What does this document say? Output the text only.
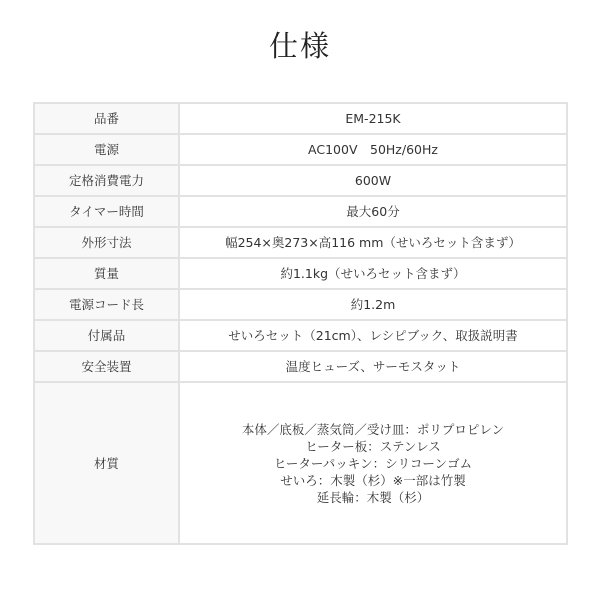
仕様
品番	EM-215K
電源	AC100V　50Hz/60Hz
定格消費電力	600W
タイマー時間	最大60分
外形寸法	幅254×奥273×高116 mm（せいろセット含まず）
質量	約1.1kg（せいろセット含まず）
電源コード長	約1.2m
付属品	せいろセット（21cm）、レシピブック、取扱説明書
安全装置	温度ヒューズ、サーモスタット
材質	本体／底板／蒸気筒／受け皿：ポリプロピレン
ヒーター板：ステンレス
ヒーターパッキン：シリコーンゴム
せいろ：木製（杉）※一部は竹製
延長輪：木製（杉）
